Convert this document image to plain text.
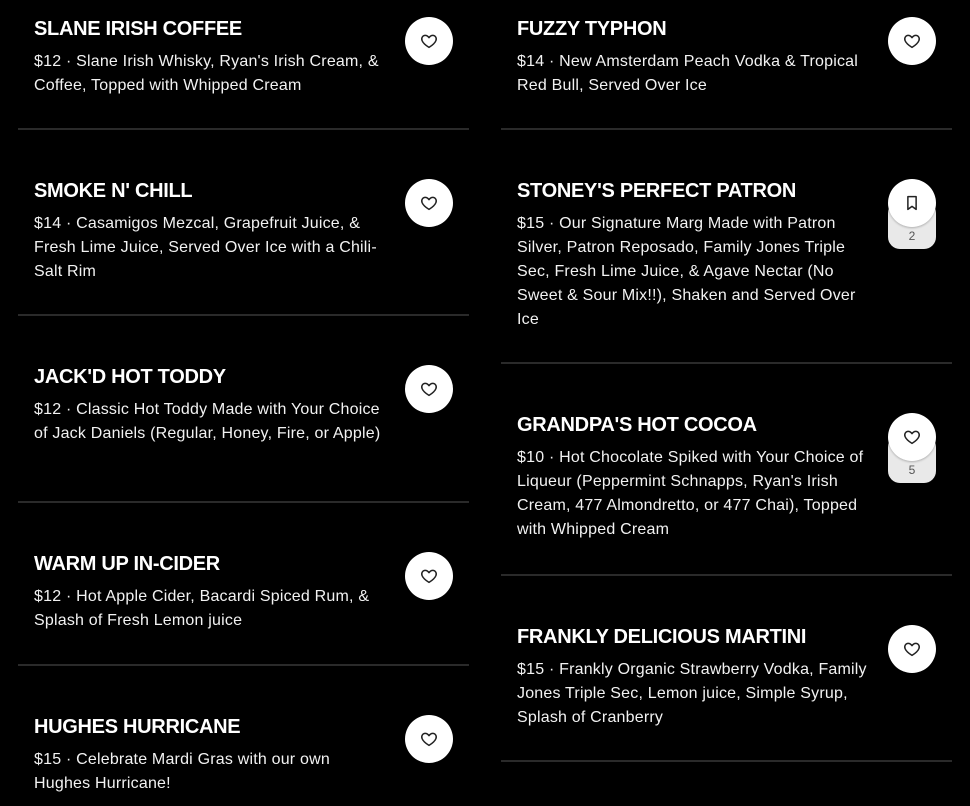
SLANE IRISH COFFEE
$12 · Slane Irish Whisky, Ryan's Irish Cream, & Coffee, Topped with Whipped Cream
SMOKE N' CHILL
$14 · Casamigos Mezcal, Grapefruit Juice, & Fresh Lime Juice, Served Over Ice with a Chili-Salt Rim
JACK'D HOT TODDY
$12 · Classic Hot Toddy Made with Your Choice of Jack Daniels (Regular, Honey, Fire, or Apple)
WARM UP IN-CIDER
$12 · Hot Apple Cider, Bacardi Spiced Rum, & Splash of Fresh Lemon juice
HUGHES HURRICANE
$15 · Celebrate Mardi Gras with our own Hughes Hurricane!
FUZZY TYPHON
$14 · New Amsterdam Peach Vodka & Tropical Red Bull, Served Over Ice
STONEY'S PERFECT PATRON
$15 · Our Signature Marg Made with Patron Silver, Patron Reposado, Family Jones Triple Sec, Fresh Lime Juice, & Agave Nectar (No Sweet & Sour Mix!!), Shaken and Served Over Ice
2
GRANDPA'S HOT COCOA
$10 · Hot Chocolate Spiked with Your Choice of Liqueur (Peppermint Schnapps, Ryan's Irish Cream, 477 Almondretto, or 477 Chai), Topped with Whipped Cream
5
FRANKLY DELICIOUS MARTINI
$15 · Frankly Organic Strawberry Vodka, Family Jones Triple Sec, Lemon juice, Simple Syrup, Splash of Cranberry
